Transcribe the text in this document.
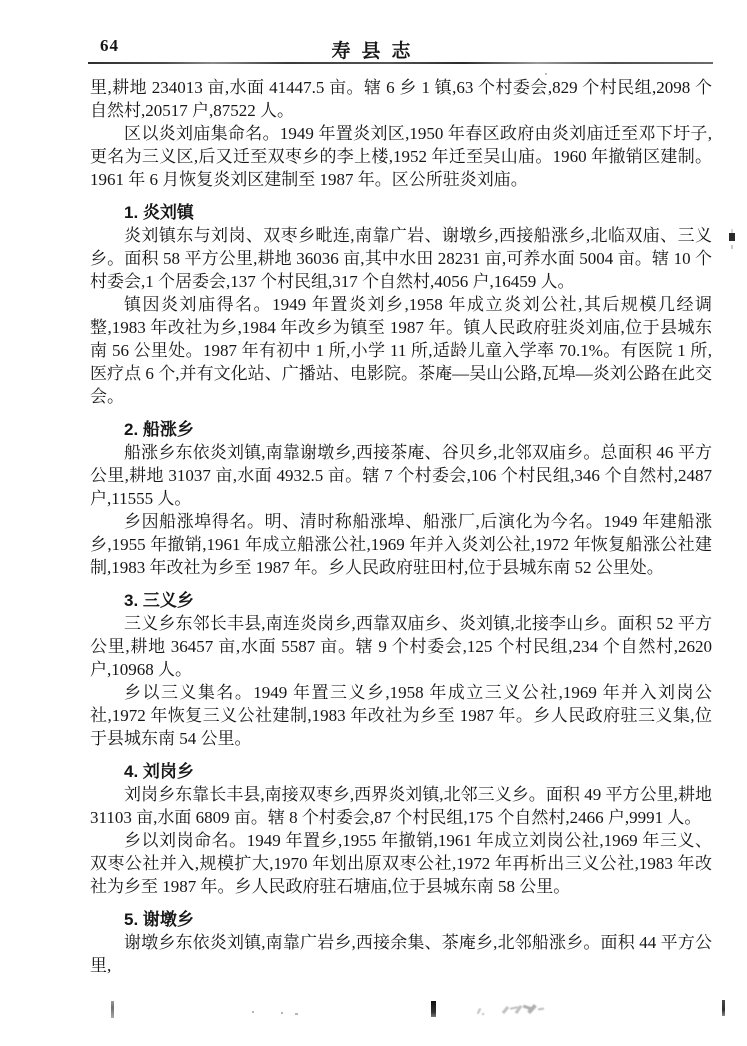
64	寿县志

里,耕地 234013 亩,水面 41447.5 亩。辖 6 乡 1 镇,63 个村委会,829 个村民组,2098 个自然村,20517 户,87522 人。

区以炎刘庙集命名。1949 年置炎刘区,1950 年春区政府由炎刘庙迁至邓下圩子,更名为三义区,后又迁至双枣乡的李上楼,1952 年迁至吴山庙。1960 年撤销区建制。1961 年 6 月恢复炎刘区建制至 1987 年。区公所驻炎刘庙。

1. 炎刘镇

炎刘镇东与刘岗、双枣乡毗连,南靠广岩、谢墩乡,西接船涨乡,北临双庙、三义乡。面积 58 平方公里,耕地 36036 亩,其中水田 28231 亩,可养水面 5004 亩。辖 10 个村委会,1 个居委会,137 个村民组,317 个自然村,4056 户,16459 人。

镇因炎刘庙得名。1949 年置炎刘乡,1958 年成立炎刘公社,其后规模几经调整,1983 年改社为乡,1984 年改乡为镇至 1987 年。镇人民政府驻炎刘庙,位于县城东南 56 公里处。1987 年有初中 1 所,小学 11 所,适龄儿童入学率 70.1%。有医院 1 所,医疗点 6 个,并有文化站、广播站、电影院。茶庵—吴山公路,瓦埠—炎刘公路在此交会。

2. 船涨乡

船涨乡东依炎刘镇,南靠谢墩乡,西接茶庵、谷贝乡,北邻双庙乡。总面积 46 平方公里,耕地 31037 亩,水面 4932.5 亩。辖 7 个村委会,106 个村民组,346 个自然村,2487 户,11555 人。

乡因船涨埠得名。明、清时称船涨埠、船涨厂,后演化为今名。1949 年建船涨乡,1955 年撤销,1961 年成立船涨公社,1969 年并入炎刘公社,1972 年恢复船涨公社建制,1983 年改社为乡至 1987 年。乡人民政府驻田村,位于县城东南 52 公里处。

3. 三义乡

三义乡东邻长丰县,南连炎岗乡,西靠双庙乡、炎刘镇,北接李山乡。面积 52 平方公里,耕地 36457 亩,水面 5587 亩。辖 9 个村委会,125 个村民组,234 个自然村,2620 户,10968 人。

乡以三义集名。1949 年置三义乡,1958 年成立三义公社,1969 年并入刘岗公社,1972 年恢复三义公社建制,1983 年改社为乡至 1987 年。乡人民政府驻三义集,位于县城东南 54 公里。

4. 刘岗乡

刘岗乡东靠长丰县,南接双枣乡,西界炎刘镇,北邻三义乡。面积 49 平方公里,耕地 31103 亩,水面 6809 亩。辖 8 个村委会,87 个村民组,175 个自然村,2466 户,9991 人。

乡以刘岗命名。1949 年置乡,1955 年撤销,1961 年成立刘岗公社,1969 年三义、双枣公社并入,规模扩大,1970 年划出原双枣公社,1972 年再析出三义公社,1983 年改社为乡至 1987 年。乡人民政府驻石塘庙,位于县城东南 58 公里。

5. 谢墩乡

谢墩乡东依炎刘镇,南靠广岩乡,西接余集、茶庵乡,北邻船涨乡。面积 44 平方公里,
